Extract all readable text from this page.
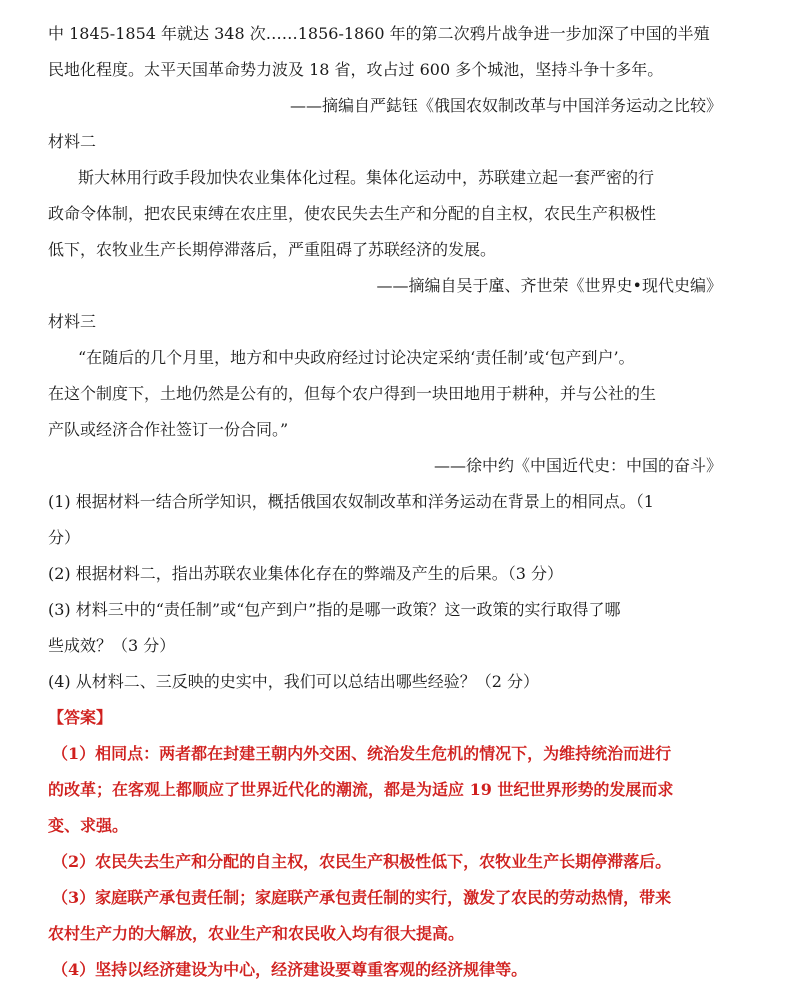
中 1845-1854 年就达 348 次……1856-1860 年的第二次鸦片战争进一步加深了中国的半殖
民地化程度。太平天国革命势力波及 18 省，攻占过 600 多个城池，坚持斗争十多年。
——摘编自严鋕钰《俄国农奴制改革与中国洋务运动之比较》
材料二
斯大林用行政手段加快农业集体化过程。集体化运动中，苏联建立起一套严密的行
政命令体制，把农民束缚在农庄里，使农民失去生产和分配的自主权，农民生产积极性
低下，农牧业生产长期停滞落后，严重阻碍了苏联经济的发展。
——摘编自吴于廑、齐世荣《世界史•现代史编》
材料三
“在随后的几个月里，地方和中央政府经过讨论决定采纳‘责任制’或‘包产到户’。
在这个制度下，土地仍然是公有的，但每个农户得到一块田地用于耕种，并与公社的生
产队或经济合作社签订一份合同。”
——徐中约《中国近代史：中国的奋斗》
(1) 根据材料一结合所学知识，概括俄国农奴制改革和洋务运动在背景上的相同点。（1
分）
(2) 根据材料二，指出苏联农业集体化存在的弊端及产生的后果。（3 分）
(3) 材料三中的“责任制”或“包产到户”指的是哪一政策？这一政策的实行取得了哪
些成效？（3 分）
(4) 从材料二、三反映的史实中，我们可以总结出哪些经验？（2 分）
【答案】
（1）相同点：两者都在封建王朝内外交困、统治发生危机的情况下，为维持统治而进行
的改革；在客观上都顺应了世界近代化的潮流，都是为适应 19 世纪世界形势的发展而求
变、求强。
（2）农民失去生产和分配的自主权，农民生产积极性低下，农牧业生产长期停滞落后。
（3）家庭联产承包责任制；家庭联产承包责任制的实行，激发了农民的劳动热情，带来
农村生产力的大解放，农业生产和农民收入均有很大提高。
（4）坚持以经济建设为中心，经济建设要尊重客观的经济规律等。
